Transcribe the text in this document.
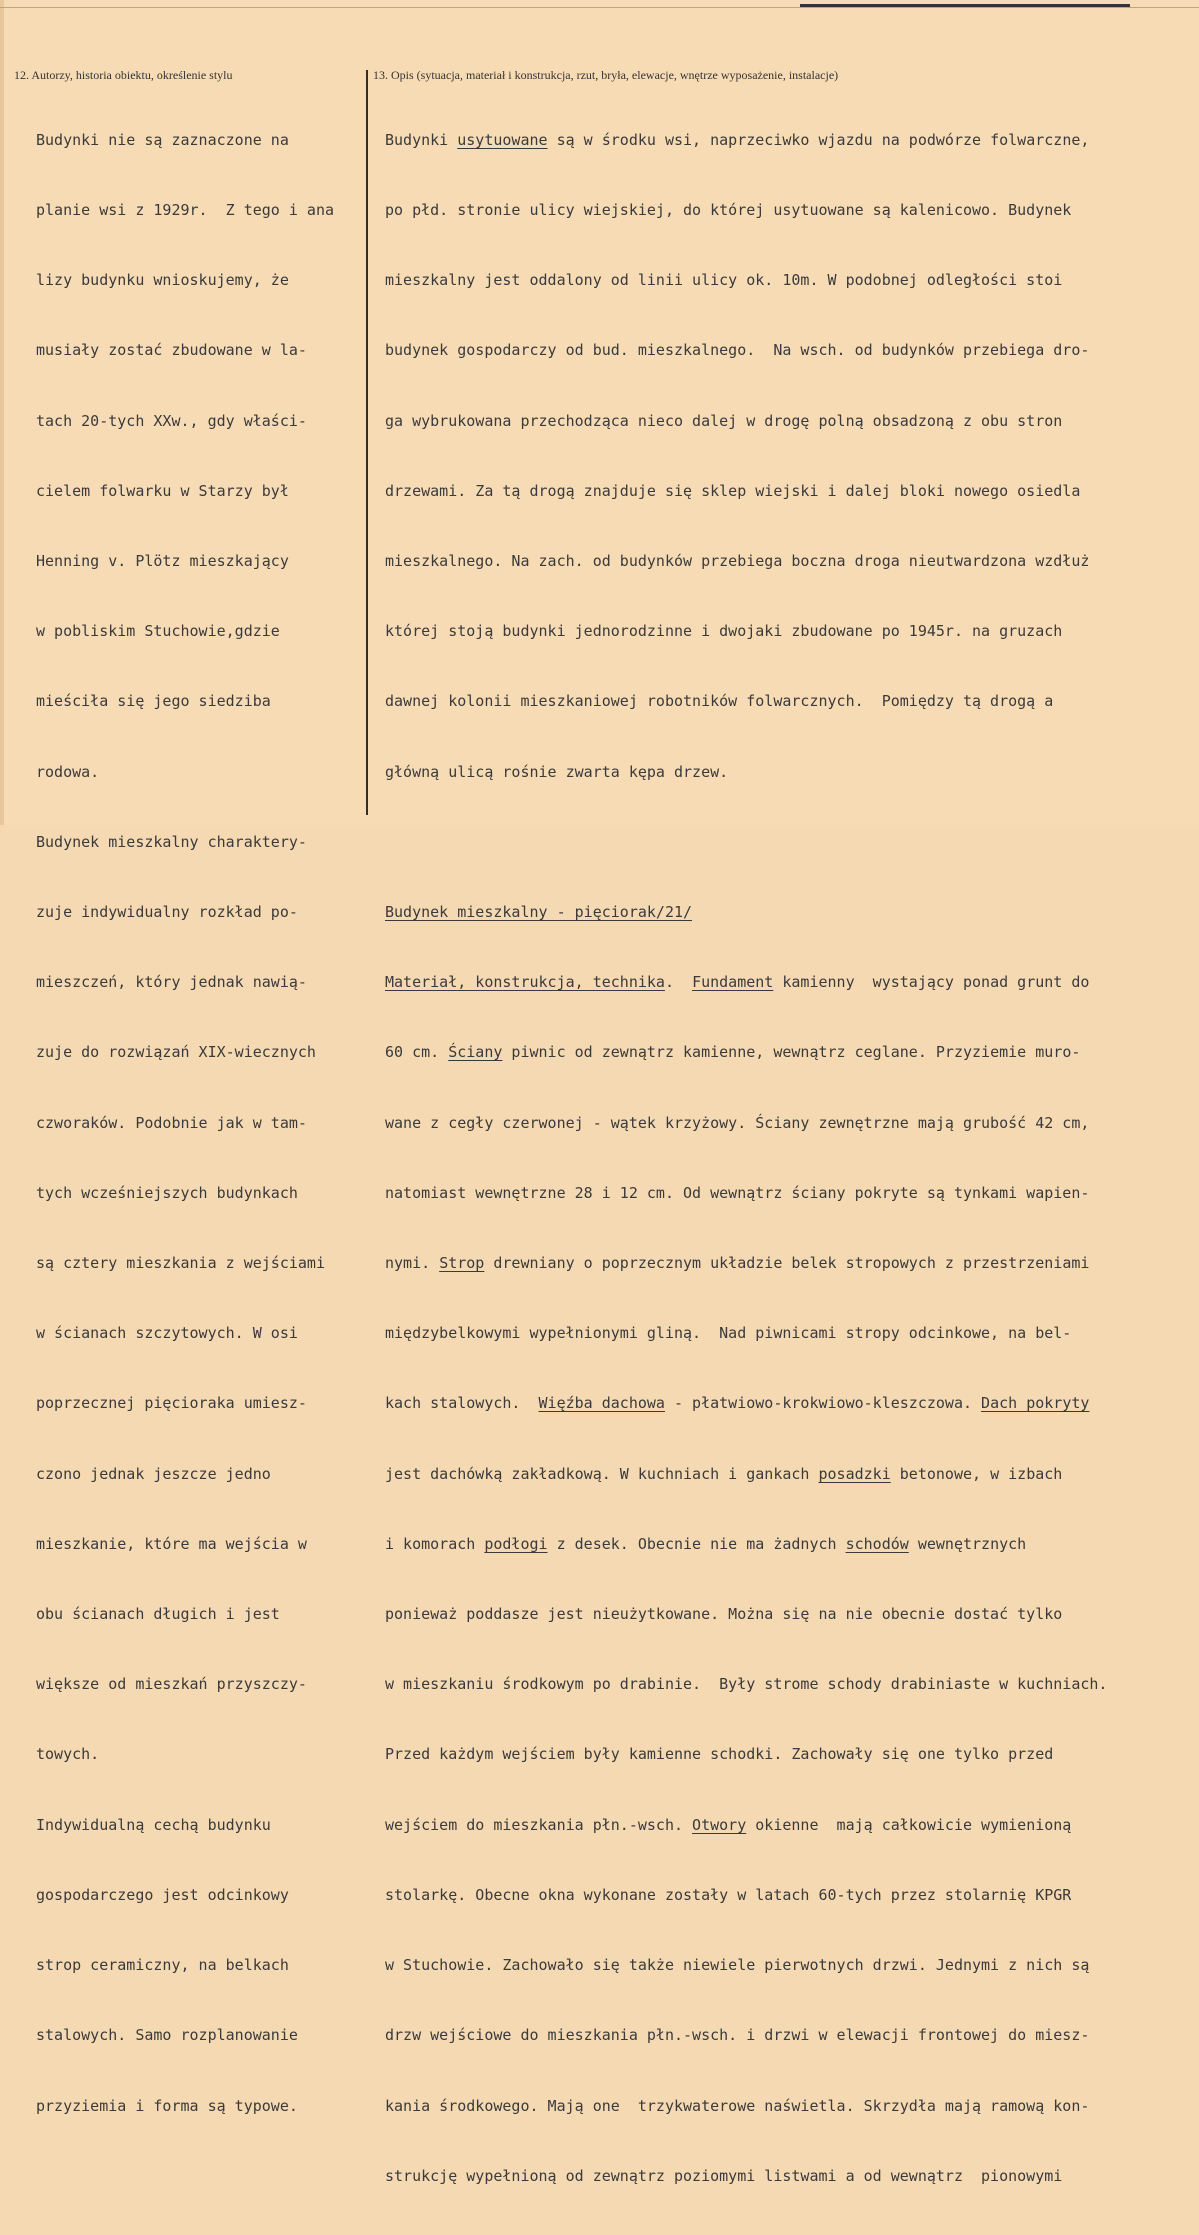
12. Autorzy, historia obiektu, określenie stylu	13. Opis (sytuacja, materiał i konstrukcja, rzut, bryła, elewacje, wnętrze wyposażenie, instalacje)

Budynki nie są zaznaczone na

planie wsi z 1929r.  Z tego i ana

lizy budynku wnioskujemy, że

musiały zostać zbudowane w la-

tach 20-tych XXw., gdy właści-

cielem folwarku w Starzy był

Henning v. Plötz mieszkający

w pobliskim Stuchowie,gdzie

mieściła się jego siedziba

rodowa.

Budynek mieszkalny charaktery-

zuje indywidualny rozkład po-

mieszczeń, który jednak nawią-

zuje do rozwiązań XIX-wiecznych

czworaków. Podobnie jak w tam-

tych wcześniejszych budynkach

są cztery mieszkania z wejściami

w ścianach szczytowych. W osi

poprzecznej pięcioraka umiesz-

czono jednak jeszcze jedno

mieszkanie, które ma wejścia w

obu ścianach długich i jest

większe od mieszkań przyszczy-

towych.

Indywidualną cechą budynku

gospodarczego jest odcinkowy

strop ceramiczny, na belkach

stalowych. Samo rozplanowanie

przyziemia i forma są typowe.

Budynki usytuowane są w środku wsi, naprzeciwko wjazdu na podwórze folwarczne,

po płd. stronie ulicy wiejskiej, do której usytuowane są kalenicowo. Budynek

mieszkalny jest oddalony od linii ulicy ok. 10m. W podobnej odległości stoi

budynek gospodarczy od bud. mieszkalnego.  Na wsch. od budynków przebiega dro-

ga wybrukowana przechodząca nieco dalej w drogę polną obsadzoną z obu stron

drzewami. Za tą drogą znajduje się sklep wiejski i dalej bloki nowego osiedla

mieszkalnego. Na zach. od budynków przebiega boczna droga nieutwardzona wzdłuż

której stoją budynki jednorodzinne i dwojaki zbudowane po 1945r. na gruzach

dawnej kolonii mieszkaniowej robotników folwarcznych.  Pomiędzy tą drogą a

główną ulicą rośnie zwarta kępa drzew.

Budynek mieszkalny - pięciorak/21/

Materiał, konstrukcja, technika.  Fundament kamienny  wystający ponad grunt do

60 cm. Ściany piwnic od zewnątrz kamienne, wewnątrz ceglane. Przyziemie muro-

wane z cegły czerwonej - wątek krzyżowy. Ściany zewnętrzne mają grubość 42 cm,

natomiast wewnętrzne 28 i 12 cm. Od wewnątrz ściany pokryte są tynkami wapien-

nymi. Strop drewniany o poprzecznym układzie belek stropowych z przestrzeniami

międzybelkowymi wypełnionymi gliną.  Nad piwnicami stropy odcinkowe, na bel-

kach stalowych.  Więźba dachowa - płatwiowo-krokwiowo-kleszczowa. Dach pokryty

jest dachówką zakładkową. W kuchniach i gankach posadzki betonowe, w izbach

i komorach podłogi z desek. Obecnie nie ma żadnych schodów wewnętrznych

ponieważ poddasze jest nieużytkowane. Można się na nie obecnie dostać tylko

w mieszkaniu środkowym po drabinie.  Były strome schody drabiniaste w kuchniach.

Przed każdym wejściem były kamienne schodki. Zachowały się one tylko przed

wejściem do mieszkania płn.-wsch. Otwory okienne  mają całkowicie wymienioną

stolarkę. Obecne okna wykonane zostały w latach 60-tych przez stolarnię KPGR

w Stuchowie. Zachowało się także niewiele pierwotnych drzwi. Jednymi z nich są

drzw wejściowe do mieszkania płn.-wsch. i drzwi w elewacji frontowej do miesz-

kania środkowego. Mają one  trzykwaterowe naświetla. Skrzydła mają ramową kon-

strukcję wypełnioną od zewnątrz poziomymi listwami a od wewnątrz  pionowymi
